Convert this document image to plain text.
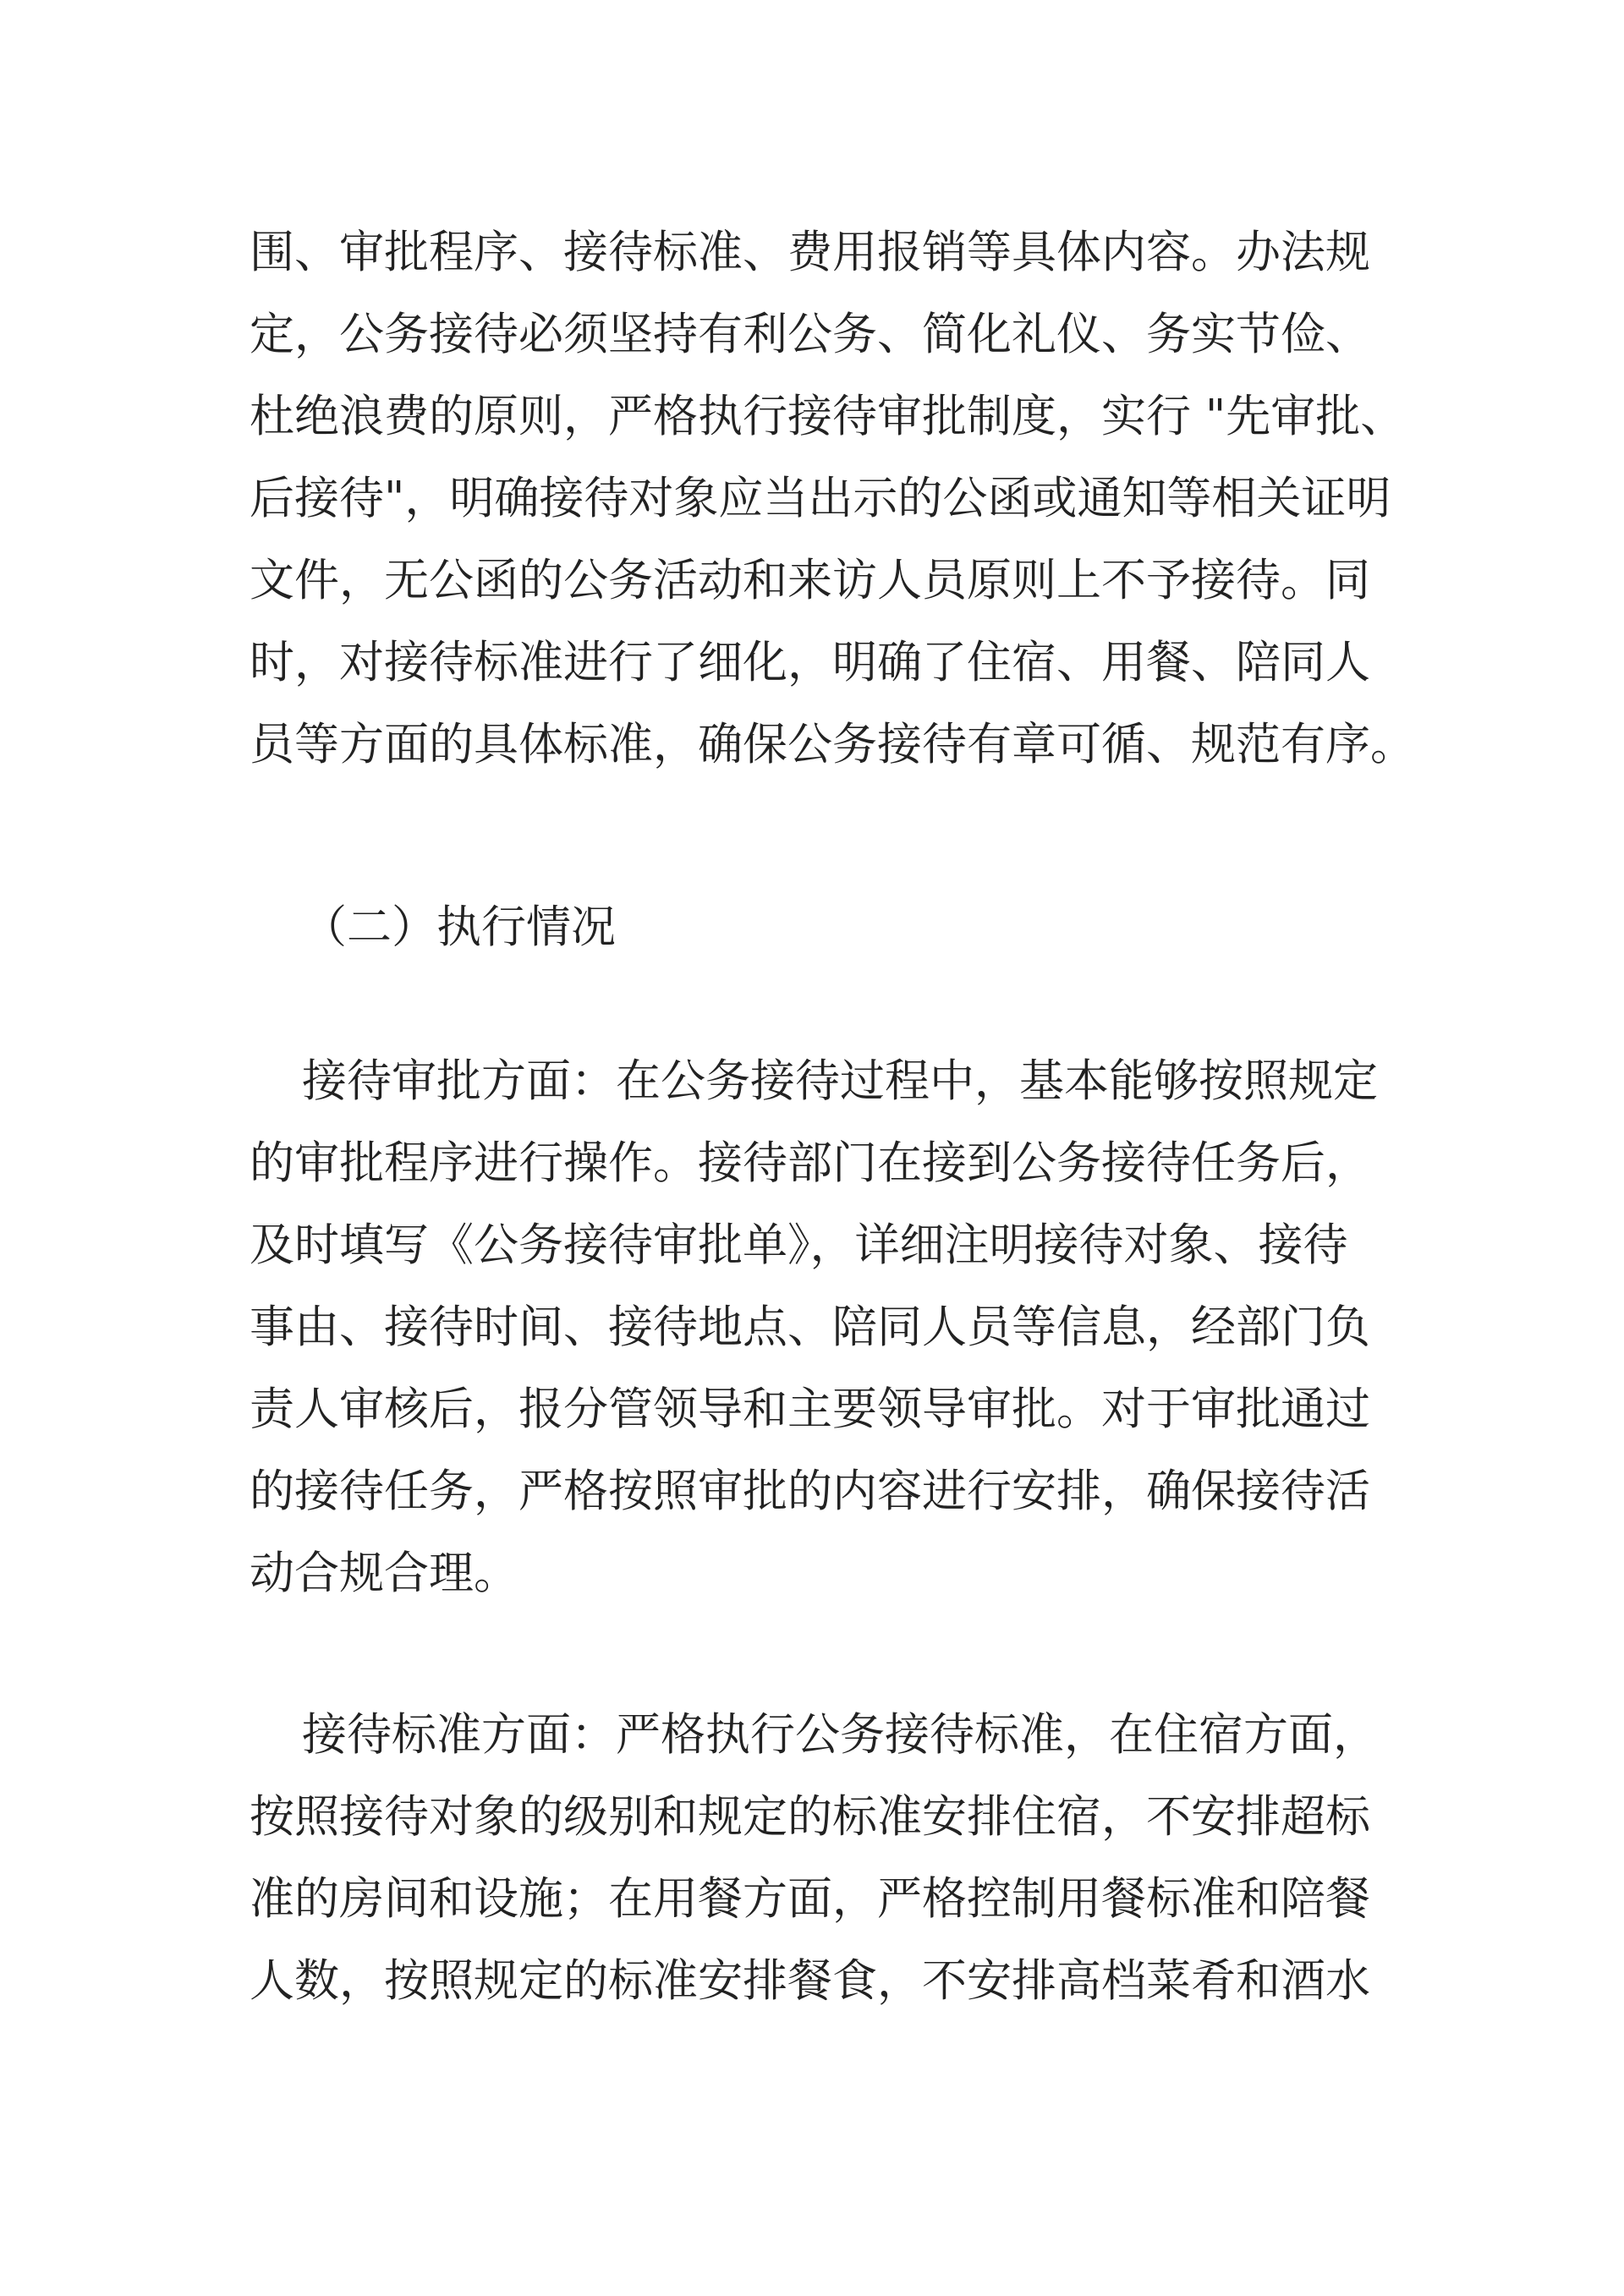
围、审批程序、接待标准、费用报销等具体内容。办法规
定，公务接待必须坚持有利公务、简化礼仪、务实节俭、
杜绝浪费的原则，严格执行接待审批制度，实行 "先审批、
后接待"，明确接待对象应当出示的公函或通知等相关证明
文件，无公函的公务活动和来访人员原则上不予接待。同
时，对接待标准进行了细化，明确了住宿、用餐、陪同人
员等方面的具体标准，确保公务接待有章可循、规范有序。

（二）执行情况

接待审批方面：在公务接待过程中，基本能够按照规定
的审批程序进行操作。接待部门在接到公务接待任务后，
及时填写《公务接待审批单》，详细注明接待对象、接待
事由、接待时间、接待地点、陪同人员等信息，经部门负
责人审核后，报分管领导和主要领导审批。对于审批通过
的接待任务，严格按照审批的内容进行安排，确保接待活
动合规合理。

接待标准方面：严格执行公务接待标准，在住宿方面，
按照接待对象的级别和规定的标准安排住宿，不安排超标
准的房间和设施；在用餐方面，严格控制用餐标准和陪餐
人数，按照规定的标准安排餐食，不安排高档菜肴和酒水
